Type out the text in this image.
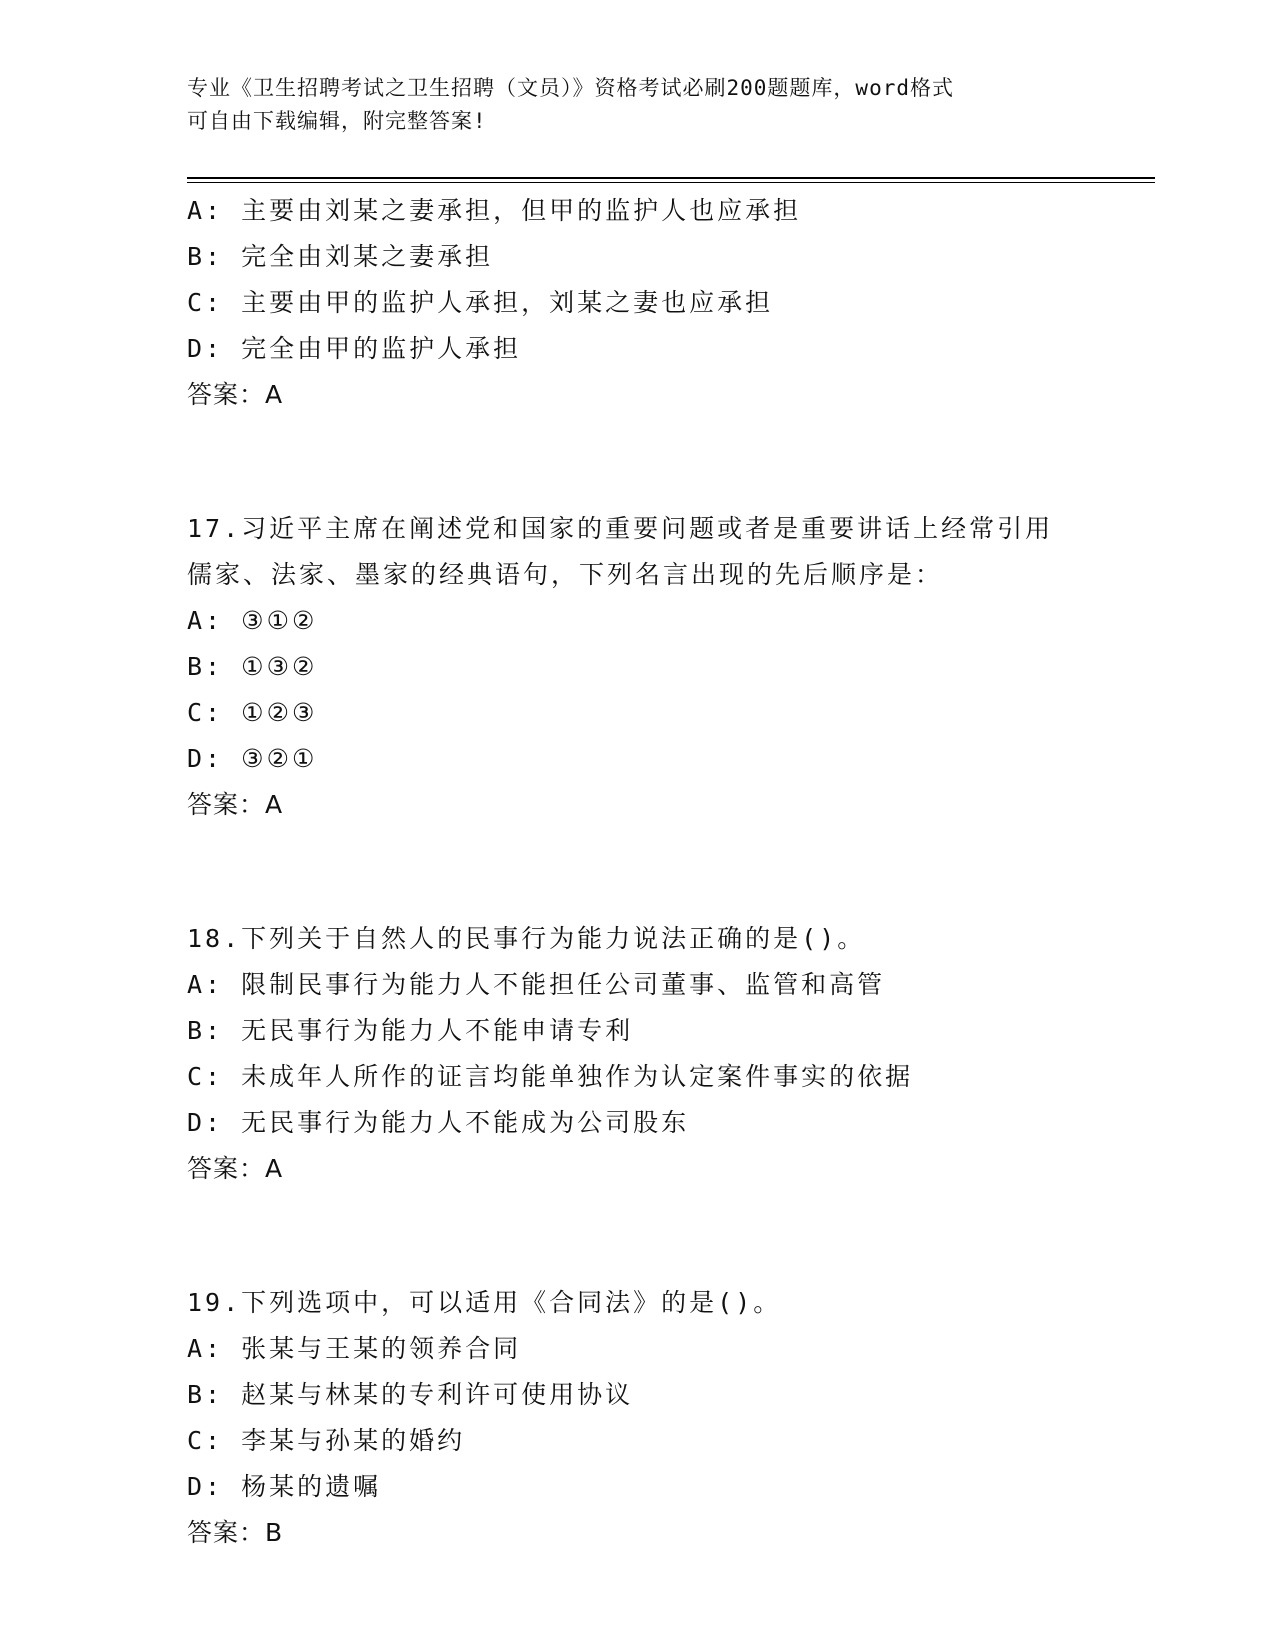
专业《卫生招聘考试之卫生招聘（文员）》资格考试必刷200题题库，word格式
可自由下载编辑，附完整答案!
A: 主要由刘某之妻承担，但甲的监护人也应承担
B: 完全由刘某之妻承担
C: 主要由甲的监护人承担，刘某之妻也应承担
D: 完全由甲的监护人承担
答案：A
17.习近平主席在阐述党和国家的重要问题或者是重要讲话上经常引用
儒家、法家、墨家的经典语句，下列名言出现的先后顺序是：
A: ③①②
B: ①③②
C: ①②③
D: ③②①
答案：A
18.下列关于自然人的民事行为能力说法正确的是()。
A: 限制民事行为能力人不能担任公司董事、监管和高管
B: 无民事行为能力人不能申请专利
C: 未成年人所作的证言均能单独作为认定案件事实的依据
D: 无民事行为能力人不能成为公司股东
答案：A
19.下列选项中，可以适用《合同法》的是()。
A: 张某与王某的领养合同
B: 赵某与林某的专利许可使用协议
C: 李某与孙某的婚约
D: 杨某的遗嘱
答案：B
